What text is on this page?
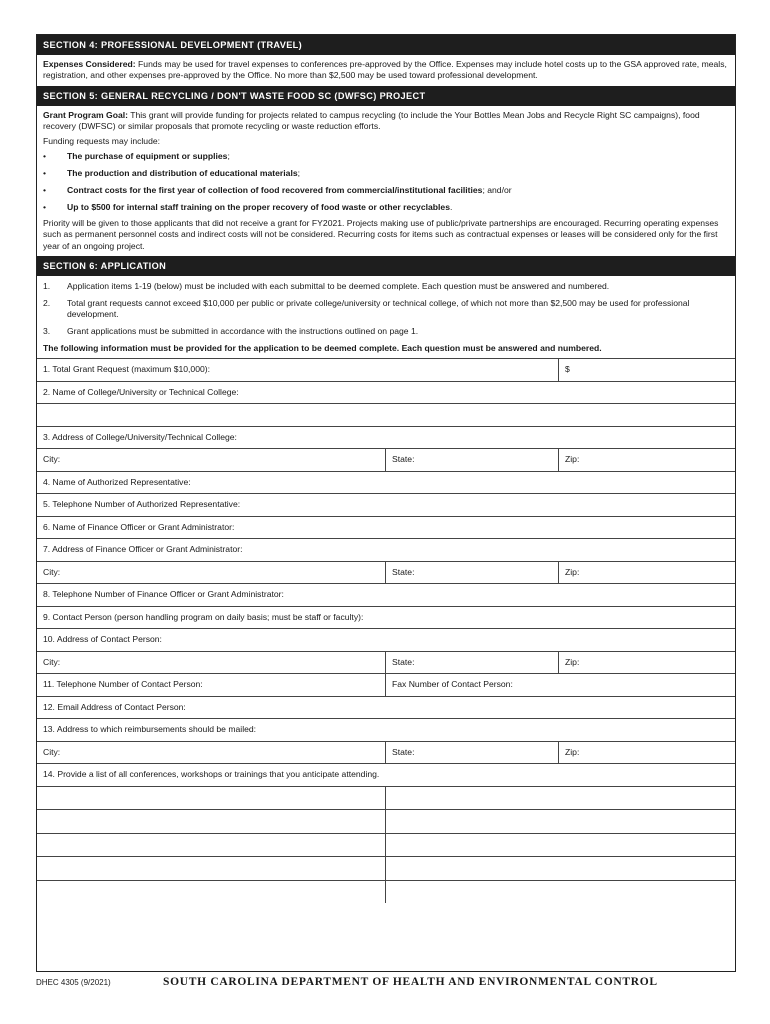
SECTION 4: PROFESSIONAL DEVELOPMENT (TRAVEL)
Expenses Considered: Funds may be used for travel expenses to conferences pre-approved by the Office. Expenses may include hotel costs up to the GSA approved rate, meals, registration, and other expenses pre-approved by the Office. No more than $2,500 may be used toward professional development.
SECTION 5: GENERAL RECYCLING / DON'T WASTE FOOD SC (DWFSC) PROJECT
Grant Program Goal: This grant will provide funding for projects related to campus recycling (to include the Your Bottles Mean Jobs and Recycle Right SC campaigns), food recovery (DWFSC) or similar proposals that promote recycling or waste reduction efforts.
Funding requests may include:
•	The purchase of equipment or supplies ;
•	The production and distribution of educational materials ;
•	Contract costs for the first year of collection of food recovered from commercial/institutional facilities ; and/or
•	Up to $500 for internal staff training on the proper recovery of food waste or other recyclables .
Priority will be given to those applicants that did not receive a grant for FY2021. Projects making use of public/private partnerships are encouraged. Recurring operating expenses such as permanent personnel costs and indirect costs will not be considered. Recurring costs for items such as contractual expenses or leases will be considered only for the first year of an ongoing project.
SECTION 6: APPLICATION
1.	Application items 1-19 (below) must be included with each submittal to be deemed complete. Each question must be answered and numbered.
2.	Total grant requests cannot exceed $10,000 per public or private college/university or technical college, of which not more than $2,500 may be used for professional development.
3.	Grant applications must be submitted in accordance with the instructions outlined on page 1.
The following information must be provided for the application to be deemed complete. Each question must be answered and numbered.
1. Total Grant Request (maximum $10,000):	$
2. Name of College/University or Technical College:
3. Address of College/University/Technical College:
City:	State:	Zip:
4. Name of Authorized Representative:
5. Telephone Number of Authorized Representative:
6. Name of Finance Officer or Grant Administrator:
7. Address of Finance Officer or Grant Administrator:
City:	State:	Zip:
8. Telephone Number of Finance Officer or Grant Administrator:
9. Contact Person (person handling program on daily basis; must be staff or faculty):
10. Address of Contact Person:
City:	State:	Zip:
11. Telephone Number of Contact Person:	Fax Number of Contact Person:
12. Email Address of Contact Person:
13. Address to which reimbursements should be mailed:
City:	State:	Zip:
14. Provide a list of all conferences, workshops or trainings that you anticipate attending.
DHEC 4305 (9/2021)	SOUTH CAROLINA DEPARTMENT OF HEALTH AND ENVIRONMENTAL CONTROL
